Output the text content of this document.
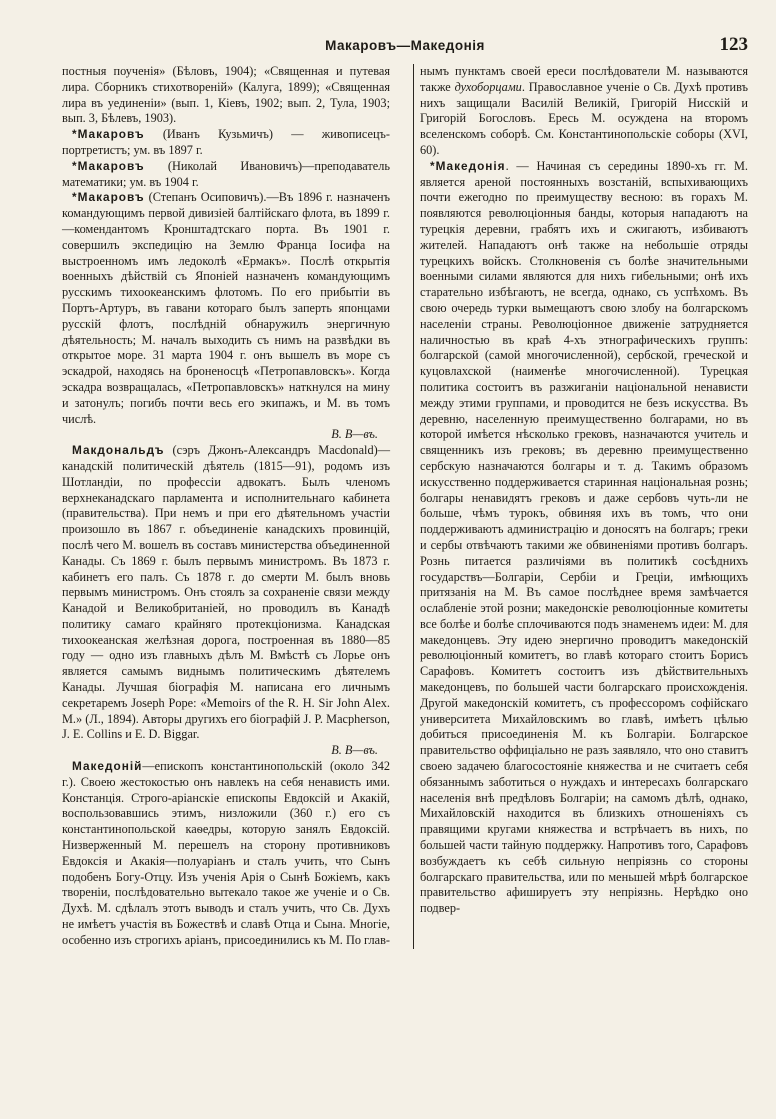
Макаровъ—Македонія	123

постныя поученія» (Бѣловъ, 1904); «Священная и путевая лира. Сборникъ стихотвореній» (Калуга, 1899); «Священная лира въ уединеніи» (вып. 1, Кіевъ, 1902; вып. 2, Тула, 1903; вып. 3, Бѣлевъ, 1903).

*Макаровъ (Иванъ Кузьмичъ) — живописецъ-портретистъ; ум. въ 1897 г.

*Макаровъ (Николай Ивановичъ)—преподаватель математики; ум. въ 1904 г.

*Макаровъ (Степанъ Осиповичъ).—Въ 1896 г. назначенъ командующимъ первой дивизіей балтійскаго флота, въ 1899 г.—комендантомъ Кронштадтскаго порта. Въ 1901 г. совершилъ экспедицію на Землю Франца Іосифа на выстроенномъ имъ ледоколѣ «Ермакъ». Послѣ открытія военныхъ дѣйствій съ Японіей назначенъ командующимъ русскимъ тихоокеанскимъ флотомъ. По его прибытіи въ Портъ-Артуръ, въ гавани котораго былъ заперть японцами русскій флотъ, послѣдній обнаружилъ энергичную дѣятельность; М. началъ выходить съ нимъ на развѣдки въ открытое море. 31 марта 1904 г. онъ вышелъ въ море съ эскадрой, находясь на броненосцѣ «Петропавловскъ». Когда эскадра возвращалась, «Петропавловскъ» наткнулся на мину и затонулъ; погибъ почти весь его экипажъ, и М. въ томъ числѣ.

В. В—въ.

Макдональдъ (сэръ Джонъ-Александръ Macdonald)—канадскій политическій дѣятель (1815—91), родомъ изъ Шотландіи, по профессіи адвокатъ. Былъ членомъ верхнеканадскаго парламента и исполнительнаго кабинета (правительства). При немъ и при его дѣятельномъ участіи произошло въ 1867 г. объединеніе канадскихъ провинцій, послѣ чего М. вошелъ въ составъ министерства объединенной Канады. Съ 1869 г. былъ первымъ министромъ. Въ 1873 г. кабинетъ его палъ. Съ 1878 г. до смерти М. былъ вновь первымъ министромъ. Онъ стоялъ за сохраненіе связи между Канадой и Великобританіей, но проводилъ въ Канадѣ политику самаго крайняго протекціонизма. Канадская тихоокеанская желѣзная дорога, построенная въ 1880—85 году — одно изъ главныхъ дѣлъ М. Вмѣстѣ съ Лорье онъ является самымъ виднымъ политическимъ дѣятелемъ Канады. Лучшая біографія М. написана его личнымъ секретаремъ Joseph Pope: «Memoirs of the R. H. Sir John Alex. M.» (Л., 1894). Авторы другихъ его біографій J. P. Macpherson, J. E. Collins и E. D. Biggar.

В. В—въ.

Македоній—епископъ константинопольскій (около 342 г.). Своею жестокостью онъ навлекъ на себя ненависть ими. Констанція. Строго-аріанскіе епископы Евдоксій и Акакій, воспользовавшись этимъ, низложили (360 г.) его съ константинопольской каѳедры, которую занялъ Евдоксій. Низверженный М. перешелъ на сторону противниковъ Евдоксія и Акакія—полуаріанъ и сталъ учить, что Сынъ подобенъ Богу-Отцу. Изъ ученія Арія о Сынѣ Божіемъ, какъ твореніи, послѣдовательно вытекало такое же ученіе и о Св. Духѣ. М. сдѣлалъ этотъ выводъ и сталъ учить, что Св. Духъ не имѣетъ участія въ Божествѣ и славѣ Отца и Сына. Многіе, особенно изъ строгихъ аріанъ, присоединились къ М. По глав-

нымъ пунктамъ своей ереси послѣдователи М. называются также духоборцами. Православное ученіе о Св. Духѣ противъ нихъ защищали Василій Великій, Григорій Нисскій и Григорій Богословъ. Ересь М. осуждена на второмъ вселенскомъ соборѣ. См. Константинопольскіе соборы (XVI, 60).

*Македонія. — Начиная съ середины 1890-хъ гг. М. является ареной постоянныхъ возстаній, вспыхивающихъ почти ежегодно по преимуществу весною: въ горахъ М. появляются революціонныя банды, которыя нападаютъ на турецкія деревни, грабятъ ихъ и сжигаютъ, избиваютъ жителей. Нападаютъ онѣ также на небольшіе отряды турецкихъ войскъ. Столкновенія съ болѣе значительными военными силами являются для нихъ гибельными; онѣ ихъ старательно избѣгаютъ, не всегда, однако, съ успѣхомъ. Въ свою очередь турки вымещаютъ свою злобу на болгарскомъ населеніи страны. Революціонное движеніе затрудняется наличностью въ краѣ 4-хъ этнографическихъ группъ: болгарской (самой многочисленной), сербской, греческой и куцовлахской (наименѣе многочисленной). Турецкая политика состоитъ въ разжиганіи національной ненависти между этими группами, и проводится не безъ искусства. Въ деревню, населенную преимущественно болгарами, но въ которой имѣется нѣсколько грековъ, назначаются учитель и священникъ изъ грековъ; въ деревню преимущественно сербскую назначаются болгары и т. д. Такимъ образомъ искусственно поддерживается старинная національная рознь; болгары ненавидятъ грековъ и даже сербовъ чуть-ли не больше, чѣмъ турокъ, обвиняя ихъ въ томъ, что они поддерживаютъ администрацію и доносятъ на болгаръ; греки и сербы отвѣчаютъ такими же обвиненіями противъ болгаръ. Рознь питается различіями въ политикѣ сосѣднихъ государствъ—Болгаріи, Сербіи и Греціи, имѣющихъ притязанія на М. Въ самое послѣднее время замѣчается ослабленіе этой розни; македонскіе революціонные комитеты все болѣе и болѣе сплочиваются подъ знаменемъ идеи: М. для македонцевъ. Эту идею энергично проводитъ македонскій революціонный комитетъ, во главѣ котораго стоитъ Борисъ Сарафовъ. Комитетъ состоитъ изъ дѣйствительныхъ македонцевъ, по большей части болгарскаго происхожденія. Другой македонскій комитетъ, съ профессоромъ софійскаго университета Михайловскимъ во главѣ, имѣетъ цѣлью добиться присоединенія М. къ Болгаріи. Болгарское правительство оффиціально не разъ заявляло, что оно ставитъ своею задачею благосостояніе княжества и не считаетъ себя обязаннымъ заботиться о нуждахъ и интересахъ болгарскаго населенія внѣ предѣловъ Болгаріи; на самомъ дѣлѣ, однако, Михайловскій находится въ близкихъ отношеніяхъ съ правящими кругами княжества и встрѣчаетъ въ нихъ, по большей части тайную поддержку. Напротивъ того, Сарафовъ возбуждаетъ къ себѣ сильную непріязнь со стороны болгарскаго правительства, или по меньшей мѣрѣ болгарское правительство афишируетъ эту непріязнь. Нерѣдко оно подвер-
